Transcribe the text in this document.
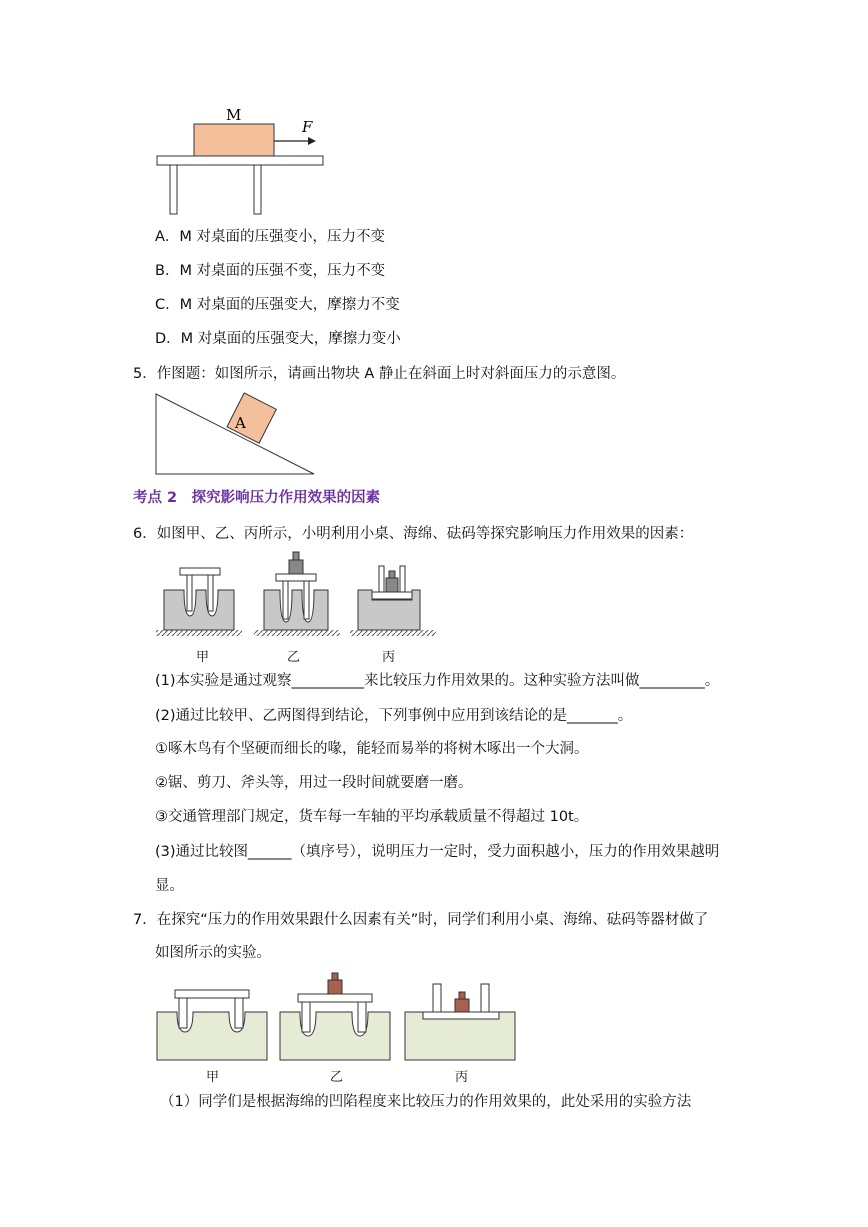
M
F
A．M 对桌面的压强变小，压力不变
B．M 对桌面的压强不变，压力不变
C．M 对桌面的压强变大，摩擦力不变
D．M 对桌面的压强变大，摩擦力变小
5．作图题：如图所示，请画出物块 A 静止在斜面上时对斜面压力的示意图。
A
考点 2　探究影响压力作用效果的因素
6．如图甲、乙、丙所示，小明利用小桌、海绵、砝码等探究影响压力作用效果的因素：
甲	乙	丙
(1)本实验是通过观察__________来比较压力作用效果的。这种实验方法叫做_________。
(2)通过比较甲、乙两图得到结论，下列事例中应用到该结论的是_______。
①啄木鸟有个坚硬而细长的喙，能轻而易举的将树木啄出一个大洞。
②锯、剪刀、斧头等，用过一段时间就要磨一磨。
③交通管理部门规定，货车每一车轴的平均承载质量不得超过 10t。
(3)通过比较图______（填序号），说明压力一定时，受力面积越小，压力的作用效果越明
显。
7．在探究“压力的作用效果跟什么因素有关”时，同学们利用小桌、海绵、砝码等器材做了
如图所示的实验。
甲	乙	丙
（1）同学们是根据海绵的凹陷程度来比较压力的作用效果的，此处采用的实验方法
